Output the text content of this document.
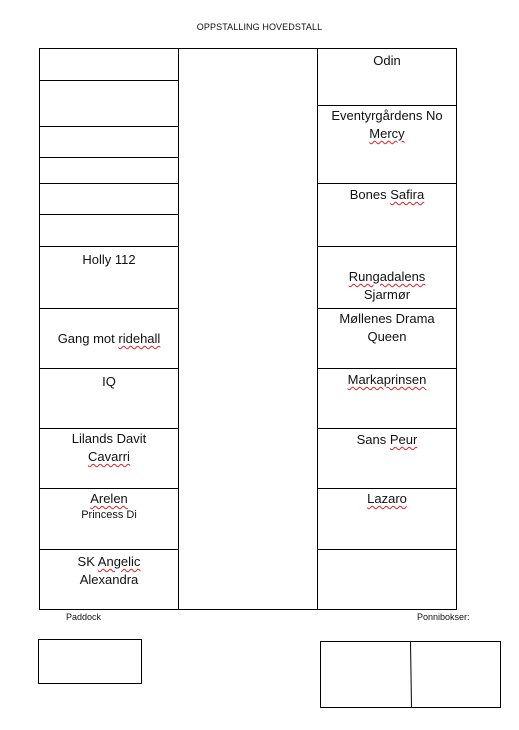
OPPSTALLING HOVEDSTALL
Holly 112
Gang mot ridehall
IQ
Lilands Davit
Cavarri
Arelen
Princess Di
SK Angelic
Alexandra
Odin
Eventyrgårdens No
Mercy
Bones Safira
Rungadalens
Sjarmør
Møllenes Drama
Queen
Markaprinsen
Sans Peur
Lazaro
Paddock	Ponnibokser:
